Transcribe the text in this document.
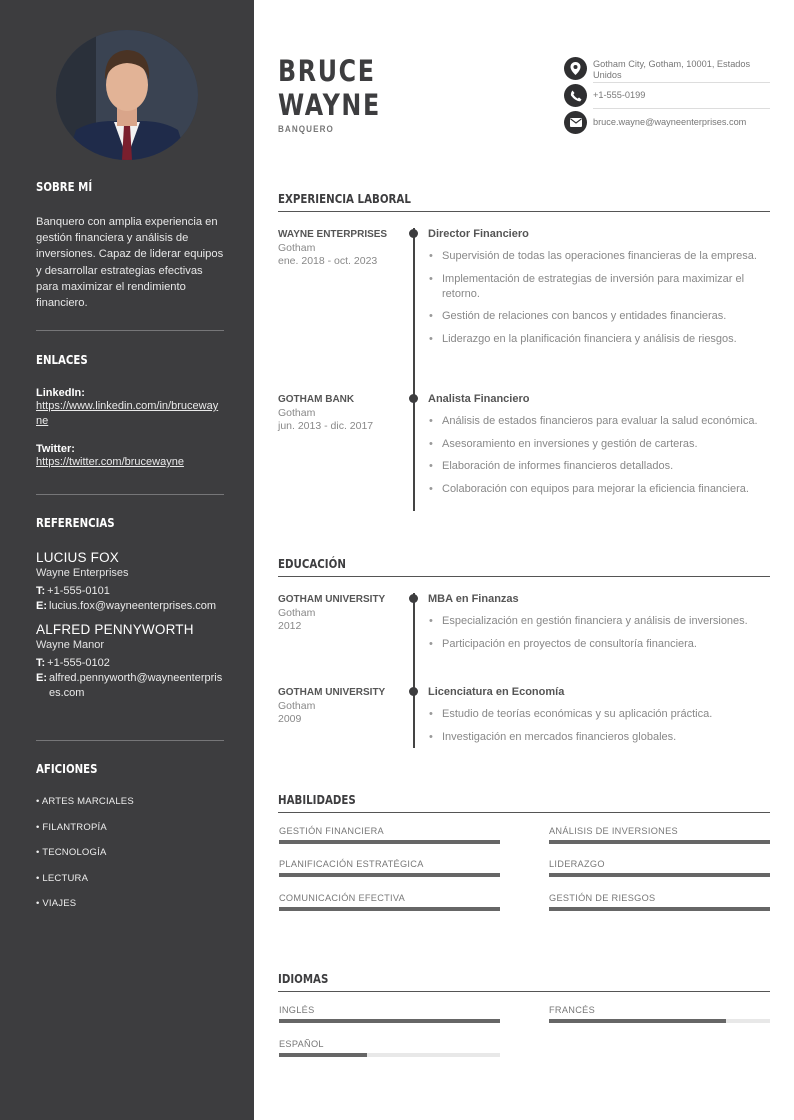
SOBRE MÍ
Banquero con amplia experiencia en gestión financiera y análisis de inversiones. Capaz de liderar equipos y desarrollar estrategias efectivas para maximizar el rendimiento financiero.
ENLACES
LinkedIn:
https://www.linkedin.com/in/brucewayne
Twitter:
https://twitter.com/brucewayne
REFERENCIAS
LUCIUS FOX
Wayne Enterprises
T: +1-555-0101
E: lucius.fox@wayneenterprises.com
ALFRED PENNYWORTH
Wayne Manor
T: +1-555-0102
E: alfred.pennyworth@wayneenterprises.com
AFICIONES
• ARTES MARCIALES
• FILANTROPÍA
• TECNOLOGÍA
• LECTURA
• VIAJES
BRUCE
WAYNE
BANQUERO
Gotham City, Gotham, 10001, Estados Unidos
+1-555-0199
bruce.wayne@wayneenterprises.com
EXPERIENCIA LABORAL
WAYNE ENTERPRISES
Gotham
ene. 2018 - oct. 2023
Director Financiero
• Supervisión de todas las operaciones financieras de la empresa.
• Implementación de estrategias de inversión para maximizar el retorno.
• Gestión de relaciones con bancos y entidades financieras.
• Liderazgo en la planificación financiera y análisis de riesgos.
GOTHAM BANK
Gotham
jun. 2013 - dic. 2017
Analista Financiero
• Análisis de estados financieros para evaluar la salud económica.
• Asesoramiento en inversiones y gestión de carteras.
• Elaboración de informes financieros detallados.
• Colaboración con equipos para mejorar la eficiencia financiera.
EDUCACIÓN
GOTHAM UNIVERSITY
Gotham
2012
MBA en Finanzas
• Especialización en gestión financiera y análisis de inversiones.
• Participación en proyectos de consultoría financiera.
GOTHAM UNIVERSITY
Gotham
2009
Licenciatura en Economía
• Estudio de teorías económicas y su aplicación práctica.
• Investigación en mercados financieros globales.
HABILIDADES
GESTIÓN FINANCIERA	ANÁLISIS DE INVERSIONES
PLANIFICACIÓN ESTRATÉGICA	LIDERAZGO
COMUNICACIÓN EFECTIVA	GESTIÓN DE RIESGOS
IDIOMAS
INGLÉS	FRANCÉS
ESPAÑOL
